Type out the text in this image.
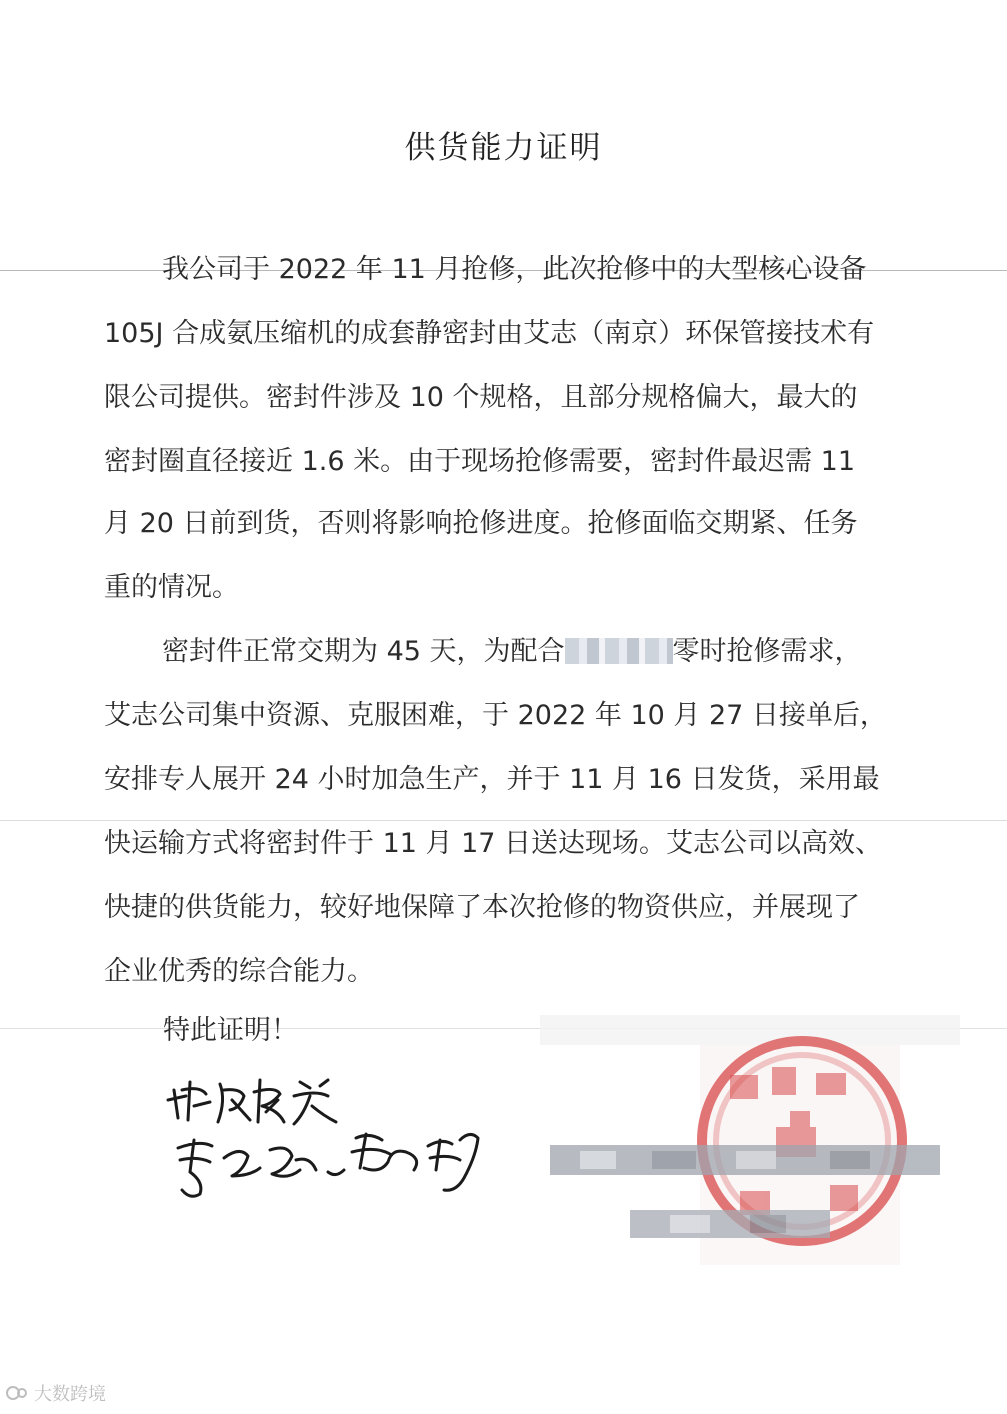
供货能力证明
我公司于 2022 年 11 月抢修，此次抢修中的大型核心设备
105J 合成氨压缩机的成套静密封由艾志（南京）环保管接技术有
限公司提供。密封件涉及 10 个规格，且部分规格偏大，最大的
密封圈直径接近 1.6 米。由于现场抢修需要，密封件最迟需 11
月 20 日前到货，否则将影响抢修进度。抢修面临交期紧、任务
重的情况。
密封件正常交期为 45 天，为配合	零时抢修需求，
艾志公司集中资源、克服困难，于 2022 年 10 月 27 日接单后，
安排专人展开 24 小时加急生产，并于 11 月 16 日发货，采用最
快运输方式将密封件于 11 月 17 日送达现场。艾志公司以高效、
快捷的供货能力，较好地保障了本次抢修的物资供应，并展现了
企业优秀的综合能力。
特此证明！
大数跨境
